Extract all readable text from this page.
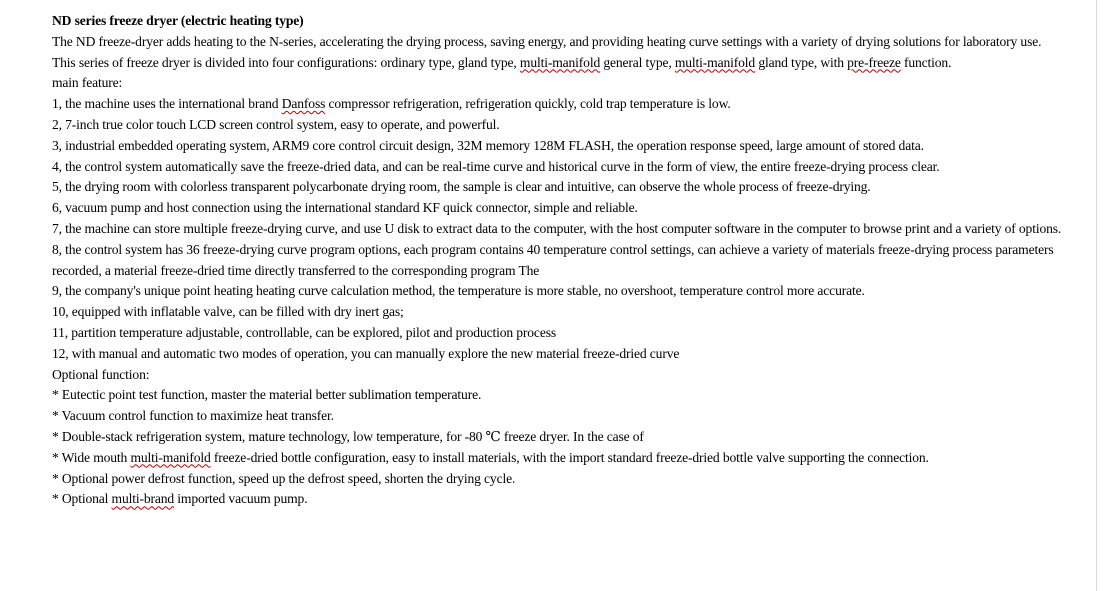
ND series freeze dryer (electric heating type)
The ND freeze-dryer adds heating to the N-series, accelerating the drying process, saving energy, and providing heating curve settings with a variety of drying solutions for laboratory use.
This series of freeze dryer is divided into four configurations: ordinary type, gland type, multi-manifold general type, multi-manifold gland type, with pre-freeze function.
main feature:
1, the machine uses the international brand Danfoss compressor refrigeration, refrigeration quickly, cold trap temperature is low.
2, 7-inch true color touch LCD screen control system, easy to operate, and powerful.
3, industrial embedded operating system, ARM9 core control circuit design, 32M memory 128M FLASH, the operation response speed, large amount of stored data.
4, the control system automatically save the freeze-dried data, and can be real-time curve and historical curve in the form of view, the entire freeze-drying process clear.
5, the drying room with colorless transparent polycarbonate drying room, the sample is clear and intuitive, can observe the whole process of freeze-drying.
6, vacuum pump and host connection using the international standard KF quick connector, simple and reliable.
7, the machine can store multiple freeze-drying curve, and use U disk to extract data to the computer, with the host computer software in the computer to browse print and a variety of options.
8, the control system has 36 freeze-drying curve program options, each program contains 40 temperature control settings, can achieve a variety of materials freeze-drying process parameters recorded, a material freeze-dried time directly transferred to the corresponding program The
9, the company's unique point heating heating curve calculation method, the temperature is more stable, no overshoot, temperature control more accurate.
10, equipped with inflatable valve, can be filled with dry inert gas;
11, partition temperature adjustable, controllable, can be explored, pilot and production process
12, with manual and automatic two modes of operation, you can manually explore the new material freeze-dried curve
Optional function:
* Eutectic point test function, master the material better sublimation temperature.
* Vacuum control function to maximize heat transfer.
* Double-stack refrigeration system, mature technology, low temperature, for -80 ℃ freeze dryer. In the case of
* Wide mouth multi-manifold freeze-dried bottle configuration, easy to install materials, with the import standard freeze-dried bottle valve supporting the connection.
* Optional power defrost function, speed up the defrost speed, shorten the drying cycle.
* Optional multi-brand imported vacuum pump.
